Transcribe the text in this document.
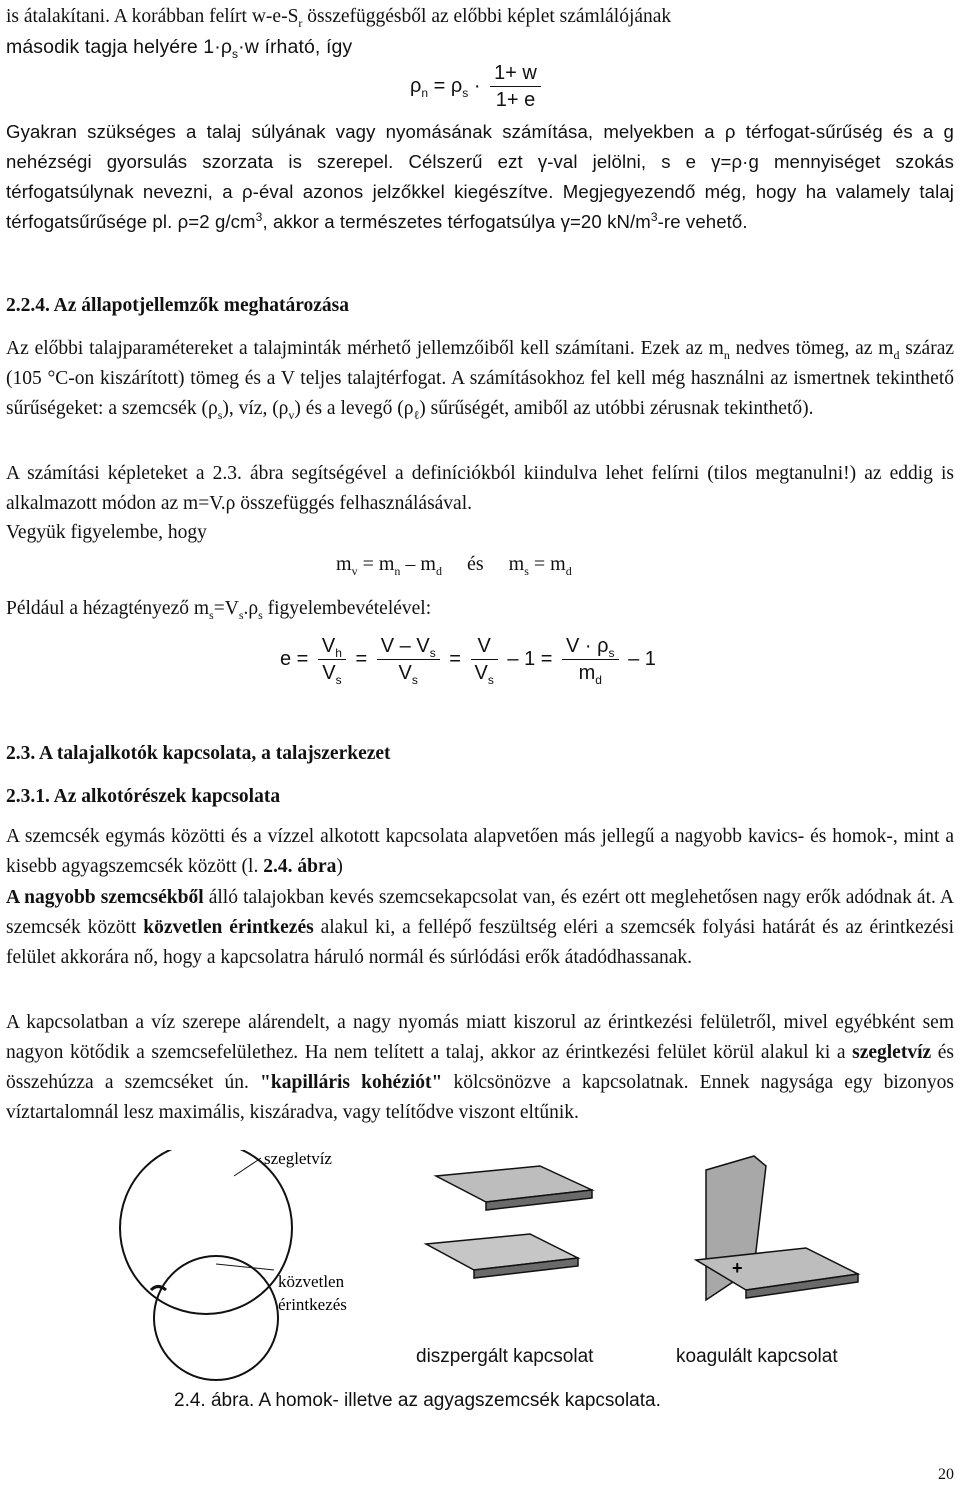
is átalakítani. A korábban felírt $w-e-S_r$ összefüggésből az előbbi képlet számlálójának
második tagja helyére $1\cdot\rho_s\cdot w$ írható, így

$\rho_n = \rho_s \cdot \frac{1+ w}{1+ e}$

Gyakran szükséges a talaj súlyának vagy nyomásának számítása, melyekben a ρ térfogat-sűrűség és a g nehézségi gyorsulás szorzata is szerepel. Célszerű ezt γ-val jelölni, s e γ=ρ·g mennyiséget szokás térfogatsúlynak nevezni, a ρ-éval azonos jelzőkkel kiegészítve. Megjegyezendő még, hogy ha valamely talaj térfogatsűrűsége pl. ρ=2 $g/cm^3$, akkor a természetes térfogatsúlya γ=20 $kN/m^3-re$ vehető.

2.2.4. Az állapotjellemzők meghatározása

Az előbbi talajparamétereket a talajminták mérhető jellemzőiből kell számítani. Ezek az $m_n$ nedves tömeg, az $m_d$ száraz (105 °C-on kiszárított) tömeg és a V teljes talajtérfogat. A számításokhoz fel kell még használni az ismertnek tekinthető sűrűségeket: a szemcsék $(\rho_s)$, víz, $(\rho_v)$ és a levegő $(\rho_\ell)$ sűrűségét, amiből az utóbbi zérusnak tekinthető).

A számítási képleteket a 2.3. ábra segítségével a definíciókból kiindulva lehet felírni (tilos megtanulni!) az eddig is alkalmazott módon az m=V.ρ összefüggés felhasználásával.

Vegyük figyelembe, hogy

$m_v = m_n - m_d$ és $m_s = m_d$

Például a hézagtényező $m_s=V_s.\rho_s$ figyelembevételével:

$e = \frac{V_h}{V_s} = \frac{V - V_s}{V_s} = \frac{V}{V_s} - 1 = \frac{V \cdot \rho_s}{m_d} - 1$

2.3. A talajalkotók kapcsolata, a talajszerkezet

2.3.1. Az alkotórészek kapcsolata

A szemcsék egymás közötti és a vízzel alkotott kapcsolata alapvetően más jellegű a nagyobb kavics- és homok-, mint a kisebb agyagszemcsék között (l. 2.4. ábra)

A nagyobb szemcsékből álló talajokban kevés szemcsekapcsolat van, és ezért ott meglehetősen nagy erők adódnak át. A szemcsék között közvetlen érintkezés alakul ki, a fellépő feszültség eléri a szemcsék folyási határát és az érintkezési felület akkorára nő, hogy a kapcsolatra háruló normál és súrlódási erők átadódhassanak.

A kapcsolatban a víz szerepe alárendelt, a nagy nyomás miatt kiszorul az érintkezési felületről, mivel egyébként sem nagyon kötődik a szemcsefelülethez. Ha nem telített a talaj, akkor az érintkezési felület körül alakul ki a szegletvíz és összehúzza a szemcséket ún. "kapilláris kohéziót" kölcsönözve a kapcsolatnak. Ennek nagysága egy bizonyos víztartalomnál lesz maximális, kiszáradva, vagy telítődve viszont eltűnik.

szegletvíz
közvetlen
érintkezés
+
diszpergált kapcsolat	koagulált kapcsolat
2.4. ábra. A homok- illetve az agyagszemcsék kapcsolata.
20
